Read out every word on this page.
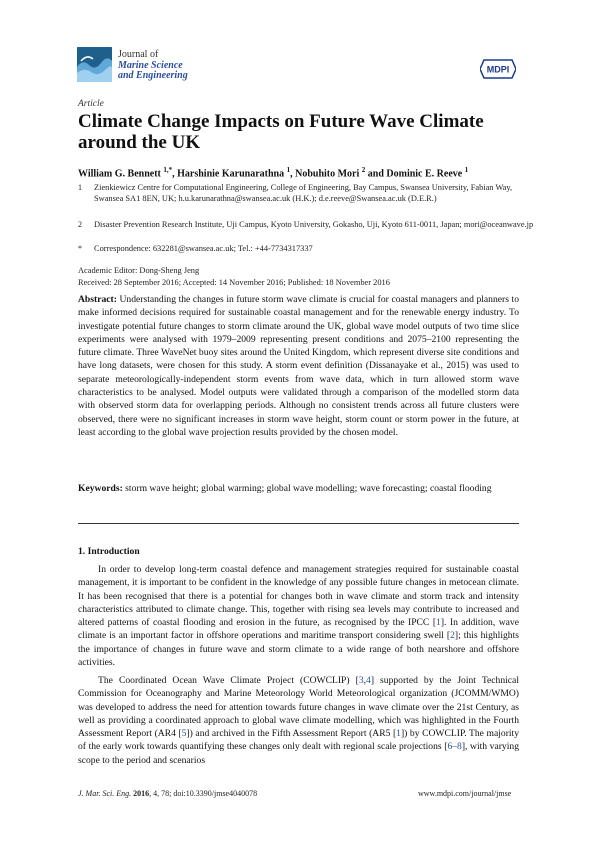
Journal of
Marine Science
and Engineering
MDPI
Article
Climate Change Impacts on Future Wave Climate around the UK
William G. Bennett $^{1,*}$, Harshinie Karunarathna $^1$, Nobuhito Mori $^2$ and Dominic E. Reeve $^1$
1 Zienkiewicz Centre for Computational Engineering, College of Engineering, Bay Campus, Swansea University, Fabian Way, Swansea SA1 8EN, UK; h.u.karunarathna@swansea.ac.uk (H.K.); d.e.reeve@Swansea.ac.uk (D.E.R.)
2 Disaster Prevention Research Institute, Uji Campus, Kyoto University, Gokasho, Uji, Kyoto 611-0011, Japan; mori@oceanwave.jp
* Correspondence: 632281@swansea.ac.uk; Tel.: +44-7734317337
Academic Editor: Dong-Sheng Jeng
Received: 28 September 2016; Accepted: 14 November 2016; Published: 18 November 2016
Abstract: Understanding the changes in future storm wave climate is crucial for coastal managers and planners to make informed decisions required for sustainable coastal management and for the renewable energy industry. To investigate potential future changes to storm climate around the UK, global wave model outputs of two time slice experiments were analysed with 1979–2009 representing present conditions and 2075–2100 representing the future climate. Three WaveNet buoy sites around the United Kingdom, which represent diverse site conditions and have long datasets, were chosen for this study. A storm event definition (Dissanayake et al., 2015) was used to separate meteorologically-independent storm events from wave data, which in turn allowed storm wave characteristics to be analysed. Model outputs were validated through a comparison of the modelled storm data with observed storm data for overlapping periods. Although no consistent trends across all future clusters were observed, there were no significant increases in storm wave height, storm count or storm power in the future, at least according to the global wave projection results provided by the chosen model.
Keywords: storm wave height; global warming; global wave modelling; wave forecasting; coastal flooding
1. Introduction
In order to develop long-term coastal defence and management strategies required for sustainable coastal management, it is important to be confident in the knowledge of any possible future changes in metocean climate. It has been recognised that there is a potential for changes both in wave climate and storm track and intensity characteristics attributed to climate change. This, together with rising sea levels may contribute to increased and altered patterns of coastal flooding and erosion in the future, as recognised by the IPCC [1]. In addition, wave climate is an important factor in offshore operations and maritime transport considering swell [2]; this highlights the importance of changes in future wave and storm climate to a wide range of both nearshore and offshore activities.
The Coordinated Ocean Wave Climate Project (COWCLIP) [3,4] supported by the Joint Technical Commission for Oceanography and Marine Meteorology World Meteorological organization (JCOMM/WMO) was developed to address the need for attention towards future changes in wave climate over the 21st Century, as well as providing a coordinated approach to global wave climate modelling, which was highlighted in the Fourth Assessment Report (AR4 [5]) and archived in the Fifth Assessment Report (AR5 [1]) by COWCLIP. The majority of the early work towards quantifying these changes only dealt with regional scale projections [6–8], with varying scope to the period and scenarios
J. Mar. Sci. Eng. 2016, 4, 78; doi:10.3390/jmse4040078	www.mdpi.com/journal/jmse
